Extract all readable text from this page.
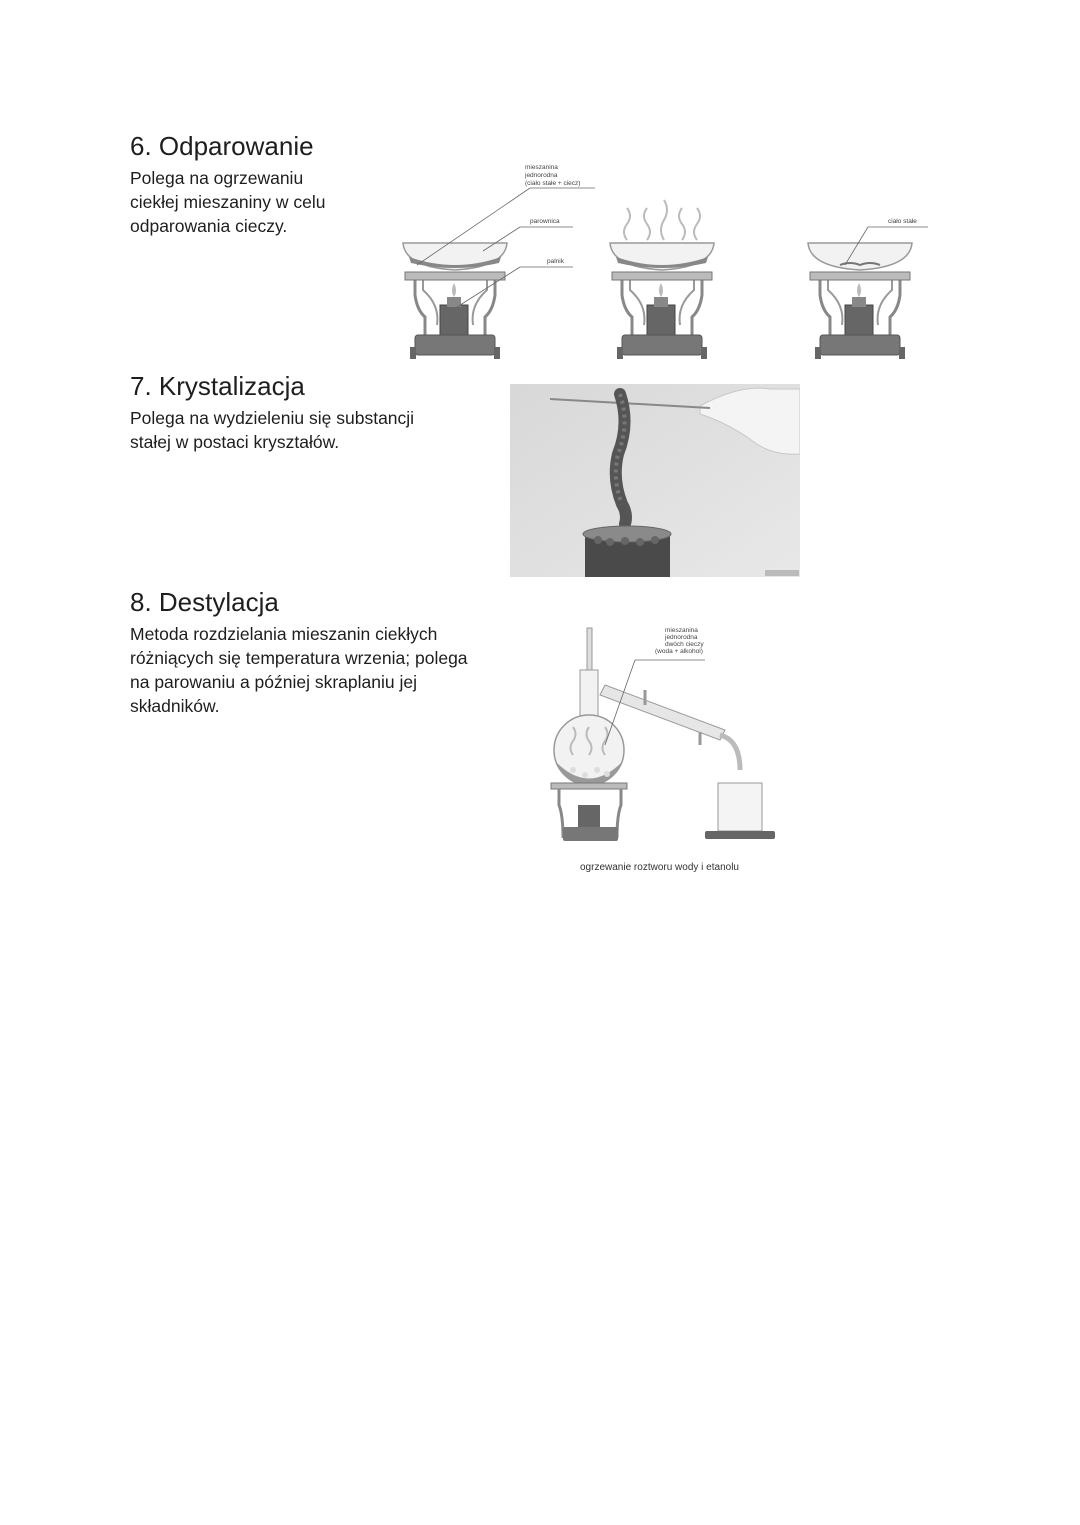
6. Odparowanie

Polega na ogrzewaniu
ciekłej mieszaniny w celu
odparowania cieczy.

mieszanina
jednorodna
(ciało stałe + ciecz)
parownica
palnik
ciało stałe
7. Krystalizacja

Polega na wydzieleniu się substancji
stałej w postaci kryształów.

8. Destylacja

Metoda rozdzielania mieszanin ciekłych
różniących się temperatura wrzenia; polega
na parowaniu a później skraplaniu jej
składników.

mieszanina
jednorodna
dwóch cieczy
(woda + alkohol)
ogrzewanie roztworu wody i etanolu
